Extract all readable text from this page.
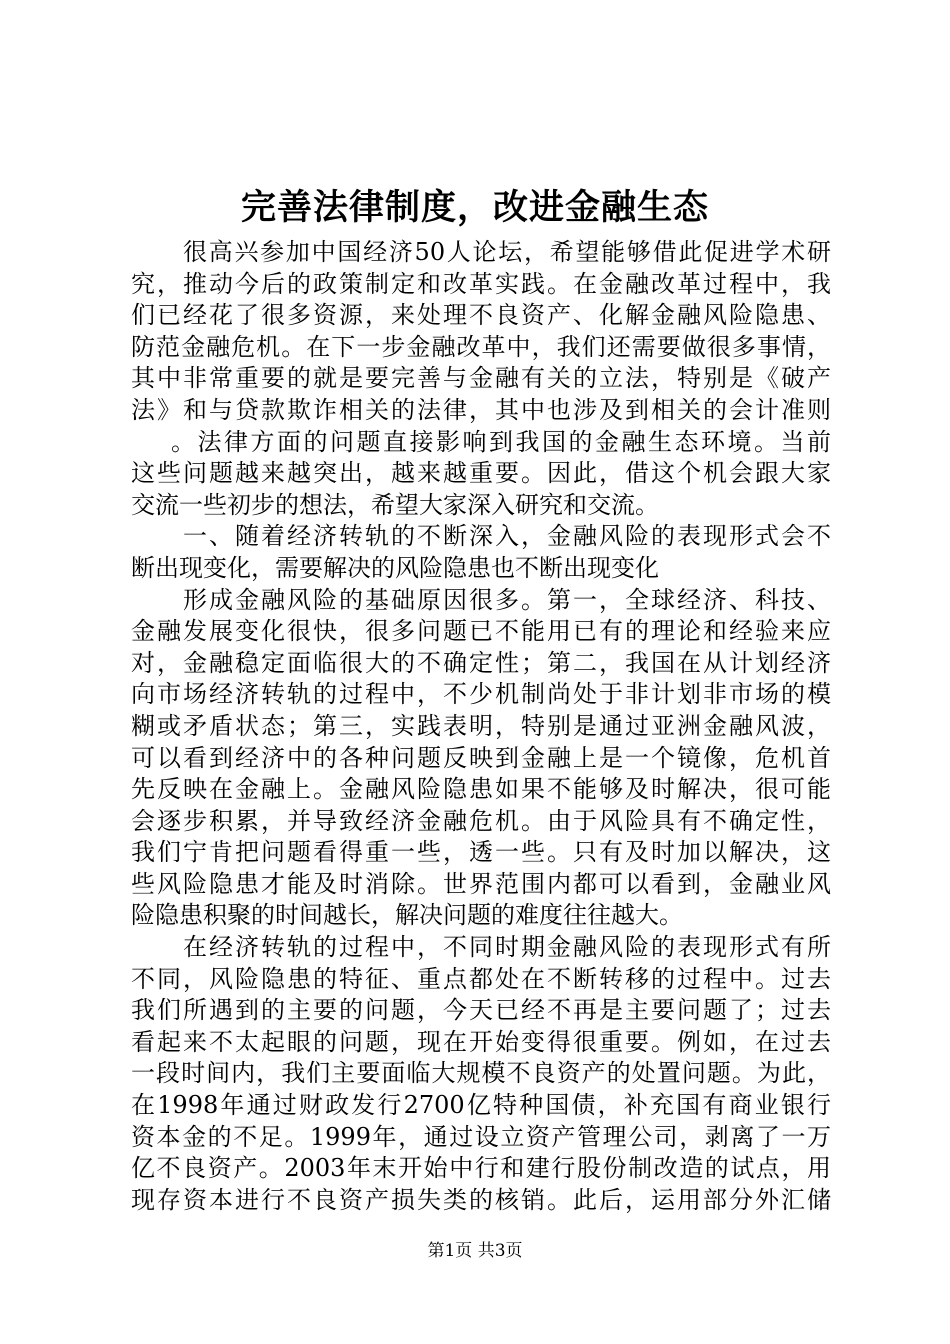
完善法律制度，改进金融生态
很高兴参加中国经济50人论坛，希望能够借此促进学术研
究，推动今后的政策制定和改革实践。在金融改革过程中，我
们已经花了很多资源，来处理不良资产、化解金融风险隐患、
防范金融危机。在下一步金融改革中，我们还需要做很多事情，
其中非常重要的就是要完善与金融有关的立法，特别是《破产
法》和与贷款欺诈相关的法律，其中也涉及到相关的会计准则
。法律方面的问题直接影响到我国的金融生态环境。当前
这些问题越来越突出，越来越重要。因此，借这个机会跟大家
交流一些初步的想法，希望大家深入研究和交流。
一、随着经济转轨的不断深入，金融风险的表现形式会不
断出现变化，需要解决的风险隐患也不断出现变化
形成金融风险的基础原因很多。第一，全球经济、科技、
金融发展变化很快，很多问题已不能用已有的理论和经验来应
对，金融稳定面临很大的不确定性；第二，我国在从计划经济
向市场经济转轨的过程中，不少机制尚处于非计划非市场的模
糊或矛盾状态；第三，实践表明，特别是通过亚洲金融风波，
可以看到经济中的各种问题反映到金融上是一个镜像，危机首
先反映在金融上。金融风险隐患如果不能够及时解决，很可能
会逐步积累，并导致经济金融危机。由于风险具有不确定性，
我们宁肯把问题看得重一些，透一些。只有及时加以解决，这
些风险隐患才能及时消除。世界范围内都可以看到，金融业风
险隐患积聚的时间越长，解决问题的难度往往越大。
在经济转轨的过程中，不同时期金融风险的表现形式有所
不同，风险隐患的特征、重点都处在不断转移的过程中。过去
我们所遇到的主要的问题，今天已经不再是主要问题了；过去
看起来不太起眼的问题，现在开始变得很重要。例如，在过去
一段时间内，我们主要面临大规模不良资产的处置问题。为此，
在1998年通过财政发行2700亿特种国债，补充国有商业银行
资本金的不足。1999年，通过设立资产管理公司，剥离了一万
亿不良资产。2003年末开始中行和建行股份制改造的试点，用
现存资本进行不良资产损失类的核销。此后，运用部分外汇储
第1页 共3页
